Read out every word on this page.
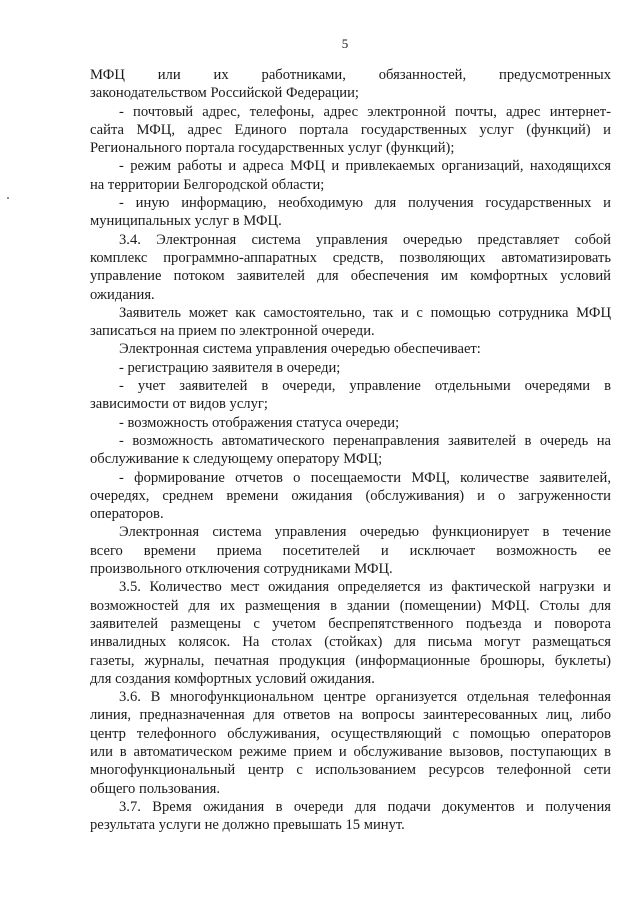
5
МФЦ или их работниками, обязанностей, предусмотренных
законодательством Российской Федерации;
- почтовый адрес, телефоны, адрес электронной почты, адрес интернет-
сайта МФЦ, адрес Единого портала государственных услуг (функций) и
Регионального портала государственных услуг (функций);
- режим работы и адреса МФЦ и привлекаемых организаций, находящихся
на территории Белгородской области;
- иную информацию, необходимую для получения государственных и
муниципальных услуг в МФЦ.
3.4. Электронная система управления очередью представляет собой
комплекс программно-аппаратных средств, позволяющих автоматизировать
управление потоком заявителей для обеспечения им комфортных условий
ожидания.
Заявитель может как самостоятельно, так и с помощью сотрудника МФЦ
записаться на прием по электронной очереди.
Электронная система управления очередью обеспечивает:
- регистрацию заявителя в очереди;
- учет заявителей в очереди, управление отдельными очередями в
зависимости от видов услуг;
- возможность отображения статуса очереди;
- возможность автоматического перенаправления заявителей в очередь на
обслуживание к следующему оператору МФЦ;
- формирование отчетов о посещаемости МФЦ, количестве заявителей,
очередях, среднем времени ожидания (обслуживания) и о загруженности
операторов.
Электронная система управления очередью функционирует в течение
всего времени приема посетителей и исключает возможность ее
произвольного отключения сотрудниками МФЦ.
3.5. Количество мест ожидания определяется из фактической нагрузки и
возможностей для их размещения в здании (помещении) МФЦ. Столы для
заявителей размещены с учетом беспрепятственного подъезда и поворота
инвалидных колясок. На столах (стойках) для письма могут размещаться
газеты, журналы, печатная продукция (информационные брошюры, буклеты)
для создания комфортных условий ожидания.
3.6. В многофункциональном центре организуется отдельная телефонная
линия, предназначенная для ответов на вопросы заинтересованных лиц, либо
центр телефонного обслуживания, осуществляющий с помощью операторов
или в автоматическом режиме прием и обслуживание вызовов, поступающих в
многофункциональный центр с использованием ресурсов телефонной сети
общего пользования.
3.7. Время ожидания в очереди для подачи документов и получения
результата услуги не должно превышать 15 минут.
